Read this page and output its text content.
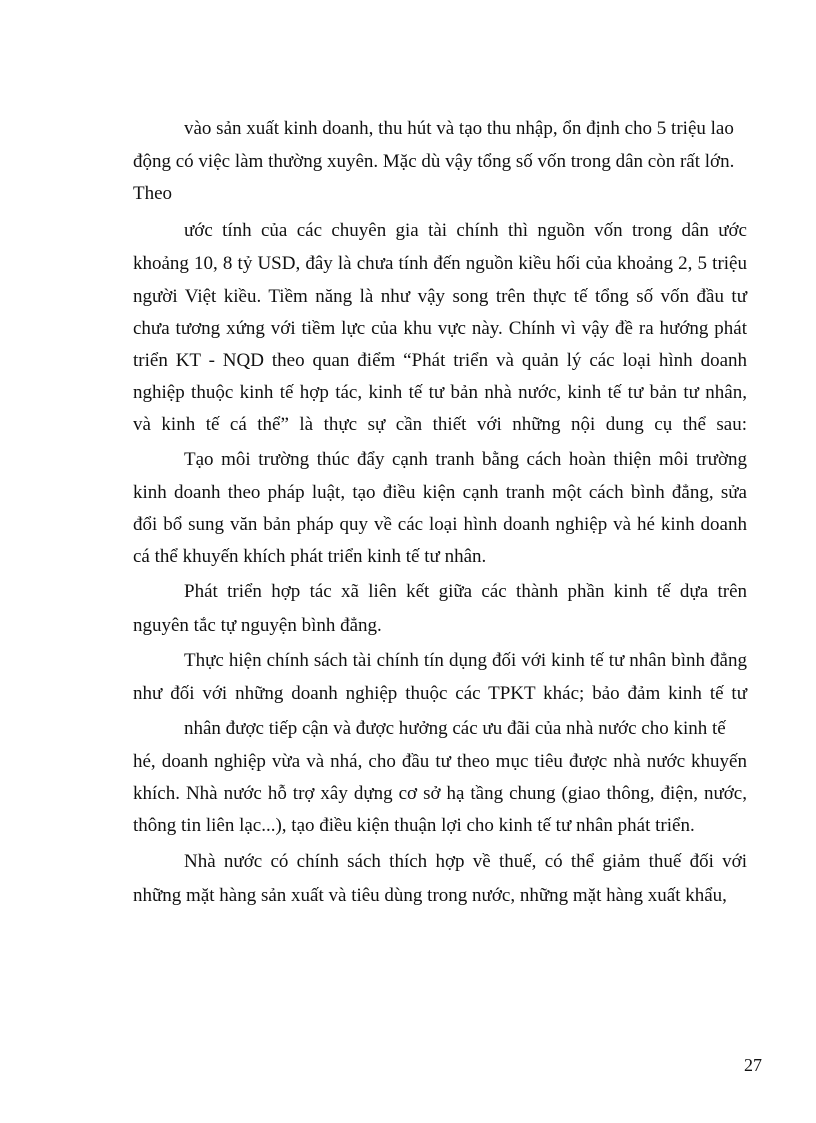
vào sản xuất kinh doanh, thu hút và tạo thu nhập, ổn định cho 5 triệu lao
động có việc làm thường xuyên. Mặc dù vậy tổng số vốn trong dân còn rất lớn.
Theo
ước tính của các chuyên gia tài chính thì nguồn vốn trong dân ước
khoảng 10, 8 tỷ USD, đây là chưa tính đến nguồn kiều hối của khoảng 2, 5 triệu
người Việt kiều. Tiềm năng là như vậy song trên thực tế tổng số vốn đầu tư
chưa tương xứng với tiềm lực của khu vực này. Chính vì vậy đề ra hướng phát
triển KT - NQD theo quan điểm “Phát triển và quản lý các loại hình doanh
nghiệp thuộc kinh tế hợp tác, kinh tế tư bản nhà nước, kinh tế tư bản tư nhân,
và kinh tế cá thể” là thực sự cần thiết với những nội dung cụ thể sau:
Tạo môi trường thúc đẩy cạnh tranh bằng cách hoàn thiện môi trường
kinh doanh theo pháp luật, tạo điều kiện cạnh tranh một cách bình đẳng, sửa
đổi bổ sung văn bản pháp quy về các loại hình doanh nghiệp và hé kinh doanh
cá thể khuyến khích phát triển kinh tế tư nhân.
Phát triển hợp tác xã liên kết giữa các thành phần kinh tế dựa trên
nguyên tắc tự nguyện bình đẳng.
Thực hiện chính sách tài chính tín dụng đối với kinh tế tư nhân bình đẳng
như đối với những doanh nghiệp thuộc các TPKT khác; bảo đảm kinh tế tư
nhân được tiếp cận và được hưởng các ưu đãi của nhà nước cho kinh tế
hé, doanh nghiệp vừa và nhá, cho đầu tư theo mục tiêu được nhà nước khuyến
khích. Nhà nước hỗ trợ xây dựng cơ sở hạ tầng chung (giao thông, điện, nước,
thông tin liên lạc...), tạo điều kiện thuận lợi cho kinh tế tư nhân phát triển.
Nhà nước có chính sách thích hợp về thuế, có thể giảm thuế đối với
những mặt hàng sản xuất và tiêu dùng trong nước, những mặt hàng xuất khẩu,
27
